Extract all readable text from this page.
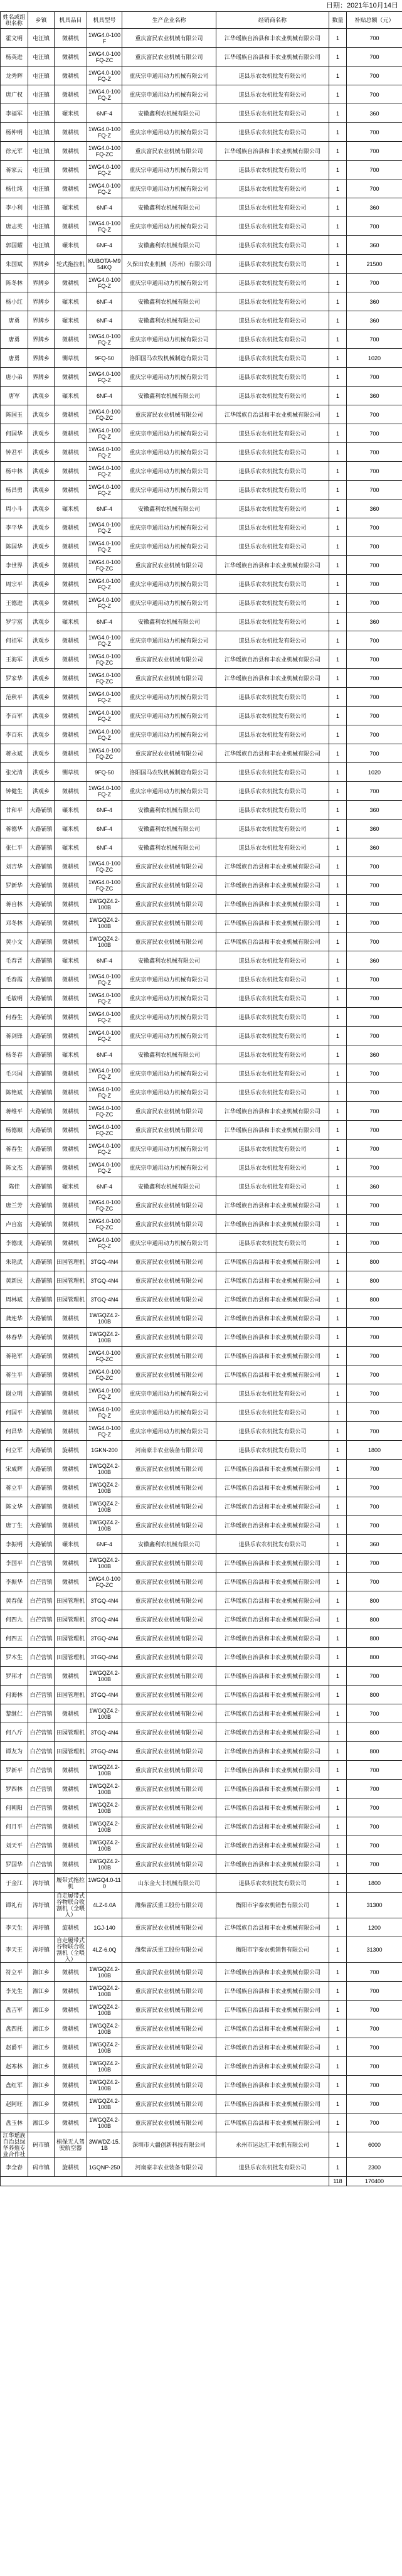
日期：2021年10月14日
姓名或组织名称	乡镇	机具品目	机具型号	生产企业名称	经销商名称	数量	补贴总额（元）
霍文明	屯汪镇	微耕机	1WG4.0-100F	重庆富民农业机械有限公司	江华瑶族自治县和丰农业机械有限公司	1	700
杨英进	屯汪镇	微耕机	1WG4.0-100FQ-ZC	重庆富民农业机械有限公司	江华瑶族自治县和丰农业机械有限公司	1	700
龙秀辉	屯汪镇	微耕机	1WG4.0-100FQ-Z	重庆宗申通用动力机械有限公司	道县乐农农机批发有限公司	1	700
唐广权	屯汪镇	微耕机	1WG4.0-100FQ-Z	重庆宗申通用动力机械有限公司	道县乐农农机批发有限公司	1	700
李福军	屯汪镇	碾米机	6NF-4	安徽鑫利农机械有限公司	道县乐农农机批发有限公司	1	360
杨仲明	屯汪镇	微耕机	1WG4.0-100FQ-Z	重庆宗申通用动力机械有限公司	道县乐农农机批发有限公司	1	700
徐元军	屯汪镇	微耕机	1WG4.0-100FQ-ZC	重庆富民农业机械有限公司	江华瑶族自治县和丰农业机械有限公司	1	700
蒋家云	屯汪镇	微耕机	1WG4.0-100FQ-Z	重庆宗申通用动力机械有限公司	道县乐农农机批发有限公司	1	700
杨仕纯	屯汪镇	微耕机	1WG4.0-100FQ-Z	重庆宗申通用动力机械有限公司	道县乐农农机批发有限公司	1	700
李小利	屯汪镇	碾米机	6NF-4	安徽鑫利农机械有限公司	道县乐农农机批发有限公司	1	360
唐志英	屯汪镇	微耕机	1WG4.0-100FQ-Z	重庆宗申通用动力机械有限公司	道县乐农农机批发有限公司	1	700
郭国耀	屯汪镇	碾米机	6NF-4	安徽鑫利农机械有限公司	道县乐农农机批发有限公司	1	360
朱国斌	界牌乡	轮式拖拉机	KUBOTA-M954KQ	久保田农业机械（苏州）有限公司	道县乐农农机批发有限公司	1	21500
陈冬林	界牌乡	微耕机	1WG4.0-100FQ-Z	重庆宗申通用动力机械有限公司	道县乐农农机批发有限公司	1	700
杨小红	界牌乡	碾米机	6NF-4	安徽鑫利农机械有限公司	道县乐农农机批发有限公司	1	360
唐勇	界牌乡	碾米机	6NF-4	安徽鑫利农机械有限公司	道县乐农农机批发有限公司	1	360
唐勇	界牌乡	微耕机	1WG4.0-100FQ-Z	重庆宗申通用动力机械有限公司	道县乐农农机批发有限公司	1	700
唐勇	界牌乡	铡草机	9FQ-50	洛阳国马农牧机械制造有限公司	道县乐农农机批发有限公司	1	1020
唐小弟	界牌乡	微耕机	1WG4.0-100FQ-Z	重庆宗申通用动力机械有限公司	道县乐农农机批发有限公司	1	700
唐军	洪观乡	碾米机	6NF-4	安徽鑫利农机械有限公司	道县乐农农机批发有限公司	1	360
陈国玉	洪观乡	微耕机	1WG4.0-100FQ-ZC	重庆富民农业机械有限公司	江华瑶族自治县和丰农业机械有限公司	1	700
何国华	洪观乡	微耕机	1WG4.0-100FQ-Z	重庆宗申通用动力机械有限公司	道县乐农农机批发有限公司	1	700
钟君平	洪观乡	微耕机	1WG4.0-100FQ-Z	重庆宗申通用动力机械有限公司	道县乐农农机批发有限公司	1	700
杨中林	洪观乡	微耕机	1WG4.0-100FQ-Z	重庆宗申通用动力机械有限公司	道县乐农农机批发有限公司	1	700
杨昌勇	洪观乡	微耕机	1WG4.0-100FQ-Z	重庆宗申通用动力机械有限公司	道县乐农农机批发有限公司	1	700
周小斗	洪观乡	碾米机	6NF-4	安徽鑫利农机械有限公司	道县乐农农机批发有限公司	1	360
李平华	洪观乡	微耕机	1WG4.0-100FQ-Z	重庆宗申通用动力机械有限公司	道县乐农农机批发有限公司	1	700
陈国华	洪观乡	微耕机	1WG4.0-100FQ-Z	重庆宗申通用动力机械有限公司	道县乐农农机批发有限公司	1	700
李世界	洪观乡	微耕机	1WG4.0-100FQ-ZC	重庆富民农业机械有限公司	江华瑶族自治县和丰农业机械有限公司	1	700
周宗平	洪观乡	微耕机	1WG4.0-100FQ-Z	重庆宗申通用动力机械有限公司	道县乐农农机批发有限公司	1	700
王德进	洪观乡	微耕机	1WG4.0-100FQ-Z	重庆宗申通用动力机械有限公司	道县乐农农机批发有限公司	1	700
罗宇富	洪观乡	碾米机	6NF-4	安徽鑫利农机械有限公司	道县乐农农机批发有限公司	1	360
何祖军	洪观乡	微耕机	1WG4.0-100FQ-Z	重庆宗申通用动力机械有限公司	道县乐农农机批发有限公司	1	700
王海军	洪观乡	微耕机	1WG4.0-100FQ-ZC	重庆富民农业机械有限公司	江华瑶族自治县和丰农业机械有限公司	1	700
罗家华	洪观乡	微耕机	1WG4.0-100FQ-ZC	重庆富民农业机械有限公司	江华瑶族自治县和丰农业机械有限公司	1	700
范秋平	洪观乡	微耕机	1WG4.0-100FQ-Z	重庆宗申通用动力机械有限公司	道县乐农农机批发有限公司	1	700
李百军	洪观乡	微耕机	1WG4.0-100FQ-Z	重庆宗申通用动力机械有限公司	道县乐农农机批发有限公司	1	700
李百东	洪观乡	微耕机	1WG4.0-100FQ-Z	重庆宗申通用动力机械有限公司	道县乐农农机批发有限公司	1	700
蒋永斌	洪观乡	微耕机	1WG4.0-100FQ-ZC	重庆富民农业机械有限公司	江华瑶族自治县和丰农业机械有限公司	1	700
张光清	洪观乡	铡草机	9FQ-50	洛阳国马农牧机械制造有限公司	道县乐农农机批发有限公司	1	1020
钟健生	洪观乡	微耕机	1WG4.0-100FQ-Z	重庆宗申通用动力机械有限公司	道县乐农农机批发有限公司	1	700
甘和平	大路铺镇	碾米机	6NF-4	安徽鑫利农机械有限公司	道县乐农农机批发有限公司	1	360
蒋德华	大路铺镇	碾米机	6NF-4	安徽鑫利农机械有限公司	道县乐农农机批发有限公司	1	360
张仁平	大路铺镇	碾米机	6NF-4	安徽鑫利农机械有限公司	道县乐农农机批发有限公司	1	360
刘吉华	大路铺镇	微耕机	1WG4.0-100FQ-ZC	重庆富民农业机械有限公司	江华瑶族自治县和丰农业机械有限公司	1	700
罗新华	大路铺镇	微耕机	1WG4.0-100FQ-ZC	重庆富民农业机械有限公司	江华瑶族自治县和丰农业机械有限公司	1	700
蒋自林	大路铺镇	微耕机	1WGQZ4.2-100B	重庆富民农业机械有限公司	江华瑶族自治县和丰农业机械有限公司	1	700
邓冬林	大路铺镇	微耕机	1WGQZ4.2-100B	重庆富民农业机械有限公司	江华瑶族自治县和丰农业机械有限公司	1	700
黄小文	大路铺镇	微耕机	1WGQZ4.2-100B	重庆富民农业机械有限公司	江华瑶族自治县和丰农业机械有限公司	1	700
毛春晋	大路铺镇	碾米机	6NF-4	安徽鑫利农机械有限公司	道县乐农农机批发有限公司	1	360
毛春霞	大路铺镇	微耕机	1WG4.0-100FQ-Z	重庆宗申通用动力机械有限公司	道县乐农农机批发有限公司	1	700
毛敏明	大路铺镇	微耕机	1WG4.0-100FQ-Z	重庆宗申通用动力机械有限公司	道县乐农农机批发有限公司	1	700
何春生	大路铺镇	微耕机	1WG4.0-100FQ-Z	重庆宗申通用动力机械有限公司	道县乐农农机批发有限公司	1	700
蒋剑锋	大路铺镇	微耕机	1WG4.0-100FQ-Z	重庆宗申通用动力机械有限公司	道县乐农农机批发有限公司	1	700
杨冬春	大路铺镇	碾米机	6NF-4	安徽鑫利农机械有限公司	道县乐农农机批发有限公司	1	360
毛兴国	大路铺镇	微耕机	1WG4.0-100FQ-Z	重庆宗申通用动力机械有限公司	道县乐农农机批发有限公司	1	700
陈艳斌	大路铺镇	微耕机	1WG4.0-100FQ-Z	重庆宗申通用动力机械有限公司	道县乐农农机批发有限公司	1	700
蒋维平	大路铺镇	微耕机	1WG4.0-100FQ-ZC	重庆富民农业机械有限公司	江华瑶族自治县和丰农业机械有限公司	1	700
杨德顺	大路铺镇	微耕机	1WG4.0-100FQ-ZC	重庆富民农业机械有限公司	江华瑶族自治县和丰农业机械有限公司	1	700
蒋春生	大路铺镇	微耕机	1WG4.0-100FQ-Z	重庆宗申通用动力机械有限公司	道县乐农农机批发有限公司	1	700
陈文杰	大路铺镇	微耕机	1WG4.0-100FQ-Z	重庆宗申通用动力机械有限公司	道县乐农农机批发有限公司	1	700
陈佳	大路铺镇	碾米机	6NF-4	安徽鑫利农机械有限公司	道县乐农农机批发有限公司	1	360
唐兰芳	大路铺镇	微耕机	1WG4.0-100FQ-ZC	重庆富民农业机械有限公司	江华瑶族自治县和丰农业机械有限公司	1	700
卢自富	大路铺镇	微耕机	1WG4.0-100FQ-ZC	重庆富民农业机械有限公司	江华瑶族自治县和丰农业机械有限公司	1	700
李德成	大路铺镇	微耕机	1WG4.0-100FQ-Z	重庆宗申通用动力机械有限公司	道县乐农农机批发有限公司	1	700
朱艳武	大路铺镇	田园管理机	3TGQ-4N4	重庆富民农业机械有限公司	江华瑶族自治县和丰农业机械有限公司	1	800
黄新民	大路铺镇	田园管理机	3TGQ-4N4	重庆富民农业机械有限公司	江华瑶族自治县和丰农业机械有限公司	1	800
周林斌	大路铺镇	田园管理机	3TGQ-4N4	重庆富民农业机械有限公司	江华瑶族自治县和丰农业机械有限公司	1	800
龚连华	大路铺镇	微耕机	1WGQZ4.2-100B	重庆富民农业机械有限公司	江华瑶族自治县和丰农业机械有限公司	1	700
林春华	大路铺镇	微耕机	1WGQZ4.2-100B	重庆富民农业机械有限公司	江华瑶族自治县和丰农业机械有限公司	1	700
蒋艳军	大路铺镇	微耕机	1WG4.0-100FQ-ZC	重庆富民农业机械有限公司	江华瑶族自治县和丰农业机械有限公司	1	700
蒋生平	大路铺镇	微耕机	1WG4.0-100FQ-ZC	重庆富民农业机械有限公司	江华瑶族自治县和丰农业机械有限公司	1	700
谢立明	大路铺镇	微耕机	1WG4.0-100FQ-Z	重庆宗申通用动力机械有限公司	道县乐农农机批发有限公司	1	700
何国平	大路铺镇	微耕机	1WG4.0-100FQ-Z	重庆宗申通用动力机械有限公司	道县乐农农机批发有限公司	1	700
何昌华	大路铺镇	微耕机	1WG4.0-100FQ-Z	重庆宗申通用动力机械有限公司	道县乐农农机批发有限公司	1	700
何立军	大路铺镇	旋耕机	1GKN-200	河南豪丰农业装备有限公司	道县乐农农机批发有限公司	1	1800
宋成辉	大路铺镇	微耕机	1WGQZ4.2-100B	重庆富民农业机械有限公司	江华瑶族自治县和丰农业机械有限公司	1	700
蒋立平	大路铺镇	微耕机	1WGQZ4.2-100B	重庆富民农业机械有限公司	江华瑶族自治县和丰农业机械有限公司	1	700
陈文华	大路铺镇	微耕机	1WGQZ4.2-100B	重庆富民农业机械有限公司	江华瑶族自治县和丰农业机械有限公司	1	700
唐丁生	大路铺镇	微耕机	1WGQZ4.2-100B	重庆富民农业机械有限公司	江华瑶族自治县和丰农业机械有限公司	1	700
李振明	大路铺镇	碾米机	6NF-4	安徽鑫利农机械有限公司	道县乐农农机批发有限公司	1	360
李国平	白芒营镇	微耕机	1WGQZ4.2-100B	重庆富民农业机械有限公司	江华瑶族自治县和丰农业机械有限公司	1	700
李振华	白芒营镇	微耕机	1WG4.0-100FQ-ZC	重庆富民农业机械有限公司	江华瑶族自治县和丰农业机械有限公司	1	700
黄春保	白芒营镇	田园管理机	3TGQ-4N4	重庆富民农业机械有限公司	江华瑶族自治县和丰农业机械有限公司	1	800
何四九	白芒营镇	田园管理机	3TGQ-4N4	重庆富民农业机械有限公司	江华瑶族自治县和丰农业机械有限公司	1	800
何四五	白芒营镇	田园管理机	3TGQ-4N4	重庆富民农业机械有限公司	江华瑶族自治县和丰农业机械有限公司	1	800
罗木生	白芒营镇	田园管理机	3TGQ-4N4	重庆富民农业机械有限公司	江华瑶族自治县和丰农业机械有限公司	1	800
罗邦才	白芒营镇	微耕机	1WGQZ4.2-100B	重庆富民农业机械有限公司	江华瑶族自治县和丰农业机械有限公司	1	700
何海林	白芒营镇	田园管理机	3TGQ-4N4	重庆富民农业机械有限公司	江华瑶族自治县和丰农业机械有限公司	1	800
黎继仁	白芒营镇	微耕机	1WGQZ4.2-100B	重庆富民农业机械有限公司	江华瑶族自治县和丰农业机械有限公司	1	700
何八斤	白芒营镇	田园管理机	3TGQ-4N4	重庆富民农业机械有限公司	江华瑶族自治县和丰农业机械有限公司	1	800
谭友为	白芒营镇	田园管理机	3TGQ-4N4	重庆富民农业机械有限公司	江华瑶族自治县和丰农业机械有限公司	1	800
罗新平	白芒营镇	微耕机	1WGQZ4.2-100B	重庆富民农业机械有限公司	江华瑶族自治县和丰农业机械有限公司	1	700
罗四林	白芒营镇	微耕机	1WGQZ4.2-100B	重庆富民农业机械有限公司	江华瑶族自治县和丰农业机械有限公司	1	700
何朝阳	白芒营镇	微耕机	1WGQZ4.2-100B	重庆富民农业机械有限公司	江华瑶族自治县和丰农业机械有限公司	1	700
何月平	白芒营镇	微耕机	1WGQZ4.2-100B	重庆富民农业机械有限公司	江华瑶族自治县和丰农业机械有限公司	1	700
刘天平	白芒营镇	微耕机	1WGQZ4.2-100B	重庆富民农业机械有限公司	江华瑶族自治县和丰农业机械有限公司	1	700
罗国华	白芒营镇	微耕机	1WGQZ4.2-100B	重庆富民农业机械有限公司	江华瑶族自治县和丰农业机械有限公司	1	700
于金江	涛圩镇	履带式拖拉机	1WGQ4.0-110	山东金大丰机械有限公司	道县乐农农机批发有限公司	1	1800
谭礼有	涛圩镇	自走履带式谷物联合收割机（全喂入）	4LZ-6.0A	潍柴雷沃重工股份有限公司	衡阳市宇泰农机销售有限公司	1	31300
李天生	涛圩镇	旋耕机	1GJ-140	重庆富民农业机械有限公司	江华瑶族自治县和丰农业机械有限公司	1	1200
李天王	涛圩镇	自走履带式谷物联合收割机（全喂入）	4LZ-6.0Q	潍柴雷沃重工股份有限公司	衡阳市宇泰农机销售有限公司	1	31300
符立平	湘江乡	微耕机	1WGQZ4.2-100B	重庆富民农业机械有限公司	江华瑶族自治县和丰农业机械有限公司	1	700
李先生	湘江乡	微耕机	1WGQZ4.2-100B	重庆富民农业机械有限公司	江华瑶族自治县和丰农业机械有限公司	1	700
盘吉军	湘江乡	微耕机	1WGQZ4.2-100B	重庆富民农业机械有限公司	江华瑶族自治县和丰农业机械有限公司	1	700
盘四托	湘江乡	微耕机	1WGQZ4.2-100B	重庆富民农业机械有限公司	江华瑶族自治县和丰农业机械有限公司	1	700
赵爵平	湘江乡	微耕机	1WGQZ4.2-100B	重庆富民农业机械有限公司	江华瑶族自治县和丰农业机械有限公司	1	700
赵寒林	湘江乡	微耕机	1WGQZ4.2-100B	重庆富民农业机械有限公司	江华瑶族自治县和丰农业机械有限公司	1	700
盘红军	湘江乡	微耕机	1WGQZ4.2-100B	重庆富民农业机械有限公司	江华瑶族自治县和丰农业机械有限公司	1	700
赵阿旺	湘江乡	微耕机	1WGQZ4.2-100B	重庆富民农业机械有限公司	江华瑶族自治县和丰农业机械有限公司	1	700
盘玉林	湘江乡	微耕机	1WGQZ4.2-100B	重庆富民农业机械有限公司	江华瑶族自治县和丰农业机械有限公司	1	700
江华瑶族自治县绿华养殖专业合作社	码市镇	植保无人驾驶航空器	3WWDZ-15.1B	深圳市大疆创新科技有限公司	永州市运达汇丰农机有限公司	1	6000
李全春	码市镇	旋耕机	1GQNP-250	河南豪丰农业装备有限公司	道县乐农农机批发有限公司	1	2300
						118	170400
